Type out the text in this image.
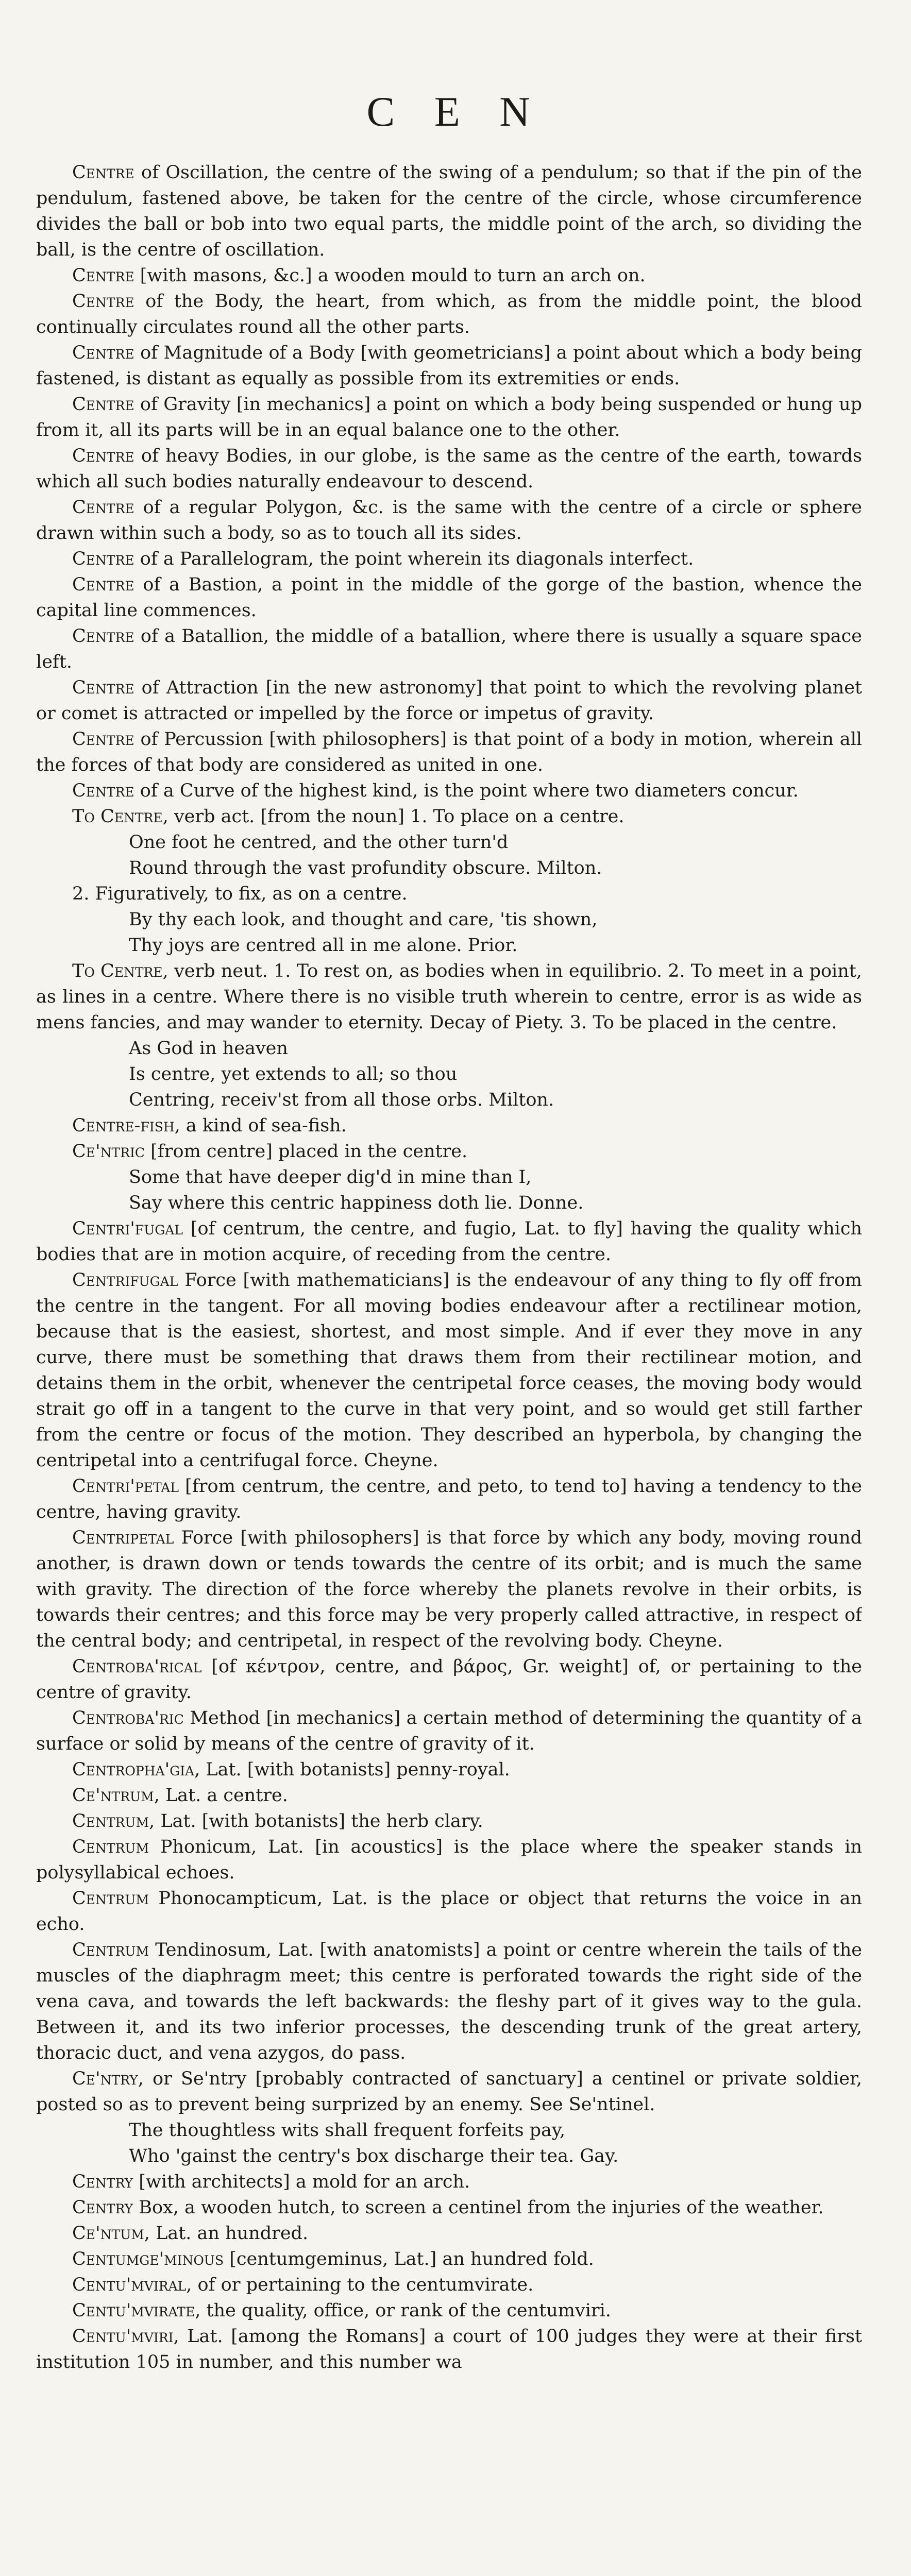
C E N

Centre of Oscillation, the centre of the swing of a pendulum; so that if the pin of the pendulum, fastened above, be taken for the centre of the circle, whose circumference divides the ball or bob into two equal parts, the middle point of the arch, so dividing the ball, is the centre of oscillation.

Centre [with masons, &c.] a wooden mould to turn an arch on.

Centre of the Body, the heart, from which, as from the middle point, the blood continually circulates round all the other parts.

Centre of Magnitude of a Body [with geometricians] a point about which a body being fastened, is distant as equally as possible from its extremities or ends.

Centre of Gravity [in mechanics] a point on which a body being suspended or hung up from it, all its parts will be in an equal balance one to the other.

Centre of heavy Bodies, in our globe, is the same as the centre of the earth, towards which all such bodies naturally endeavour to descend.

Centre of a regular Polygon, &c. is the same with the centre of a circle or sphere drawn within such a body, so as to touch all its sides.

Centre of a Parallelogram, the point wherein its diagonals interfect.

Centre of a Bastion, a point in the middle of the gorge of the bastion, whence the capital line commences.

Centre of a Batallion, the middle of a batallion, where there is usually a square space left.

Centre of Attraction [in the new astronomy] that point to which the revolving planet or comet is attracted or impelled by the force or impetus of gravity.

Centre of Percussion [with philosophers] is that point of a body in motion, wherein all the forces of that body are considered as united in one.

Centre of a Curve of the highest kind, is the point where two diameters concur.

To Centre, verb act. [from the noun] 1. To place on a centre.

One foot he centred, and the other turn'd
Round through the vast profundity obscure. Milton.

2. Figuratively, to fix, as on a centre.

By thy each look, and thought and care, 'tis shown,
Thy joys are centred all in me alone. Prior.

To Centre, verb neut. 1. To rest on, as bodies when in equilibrio. 2. To meet in a point, as lines in a centre. Where there is no visible truth wherein to centre, error is as wide as mens fancies, and may wander to eternity. Decay of Piety. 3. To be placed in the centre.

As God in heaven
Is centre, yet extends to all; so thou
Centring, receiv'st from all those orbs. Milton.

Centre-fish, a kind of sea-fish.

Ce'ntric [from centre] placed in the centre.

Some that have deeper dig'd in mine than I,
Say where this centric happiness doth lie. Donne.

Centri'fugal [of centrum, the centre, and fugio, Lat. to fly] having the quality which bodies that are in motion acquire, of receding from the centre.

Centrifugal Force [with mathematicians] is the endeavour of any thing to fly off from the centre in the tangent. For all moving bodies endeavour after a rectilinear motion, because that is the easiest, shortest, and most simple. And if ever they move in any curve, there must be something that draws them from their rectilinear motion, and detains them in the orbit, whenever the centripetal force ceases, the moving body would strait go off in a tangent to the curve in that very point, and so would get still farther from the centre or focus of the motion. They described an hyperbola, by changing the centripetal into a centrifugal force. Cheyne.

Centri'petal [from centrum, the centre, and peto, to tend to] having a tendency to the centre, having gravity.

Centripetal Force [with philosophers] is that force by which any body, moving round another, is drawn down or tends towards the centre of its orbit; and is much the same with gravity. The direction of the force whereby the planets revolve in their orbits, is towards their centres; and this force may be very properly called attractive, in respect of the central body; and centripetal, in respect of the revolving body. Cheyne.

Centroba'rical [of κέντρον, centre, and βάρος, Gr. weight] of, or pertaining to the centre of gravity.

Centroba'ric Method [in mechanics] a certain method of determining the quantity of a surface or solid by means of the centre of gravity of it.

Centropha'gia, Lat. [with botanists] penny-royal.

Ce'ntrum, Lat. a centre.

Centrum, Lat. [with botanists] the herb clary.

Centrum Phonicum, Lat. [in acoustics] is the place where the speaker stands in polysyllabical echoes.

Centrum Phonocampticum, Lat. is the place or object that returns the voice in an echo.

Centrum Tendinosum, Lat. [with anatomists] a point or centre wherein the tails of the muscles of the diaphragm meet; this centre is perforated towards the right side of the vena cava, and towards the left backwards: the fleshy part of it gives way to the gula. Between it, and its two inferior processes, the descending trunk of the great artery, thoracic duct, and vena azygos, do pass.

Ce'ntry, or Se'ntry [probably contracted of sanctuary] a centinel or private soldier, posted so as to prevent being surprized by an enemy. See Se'ntinel.

The thoughtless wits shall frequent forfeits pay,
Who 'gainst the centry's box discharge their tea. Gay.

Centry [with architects] a mold for an arch.

Centry Box, a wooden hutch, to screen a centinel from the injuries of the weather.

Ce'ntum, Lat. an hundred.

Centumge'minous [centumgeminus, Lat.] an hundred fold.

Centu'mviral, of or pertaining to the centumvirate.

Centu'mvirate, the quality, office, or rank of the centumviri.

Centu'mviri, Lat. [among the Romans] a court of 100 judges they were at their first institution 105 in number, and this number wa
